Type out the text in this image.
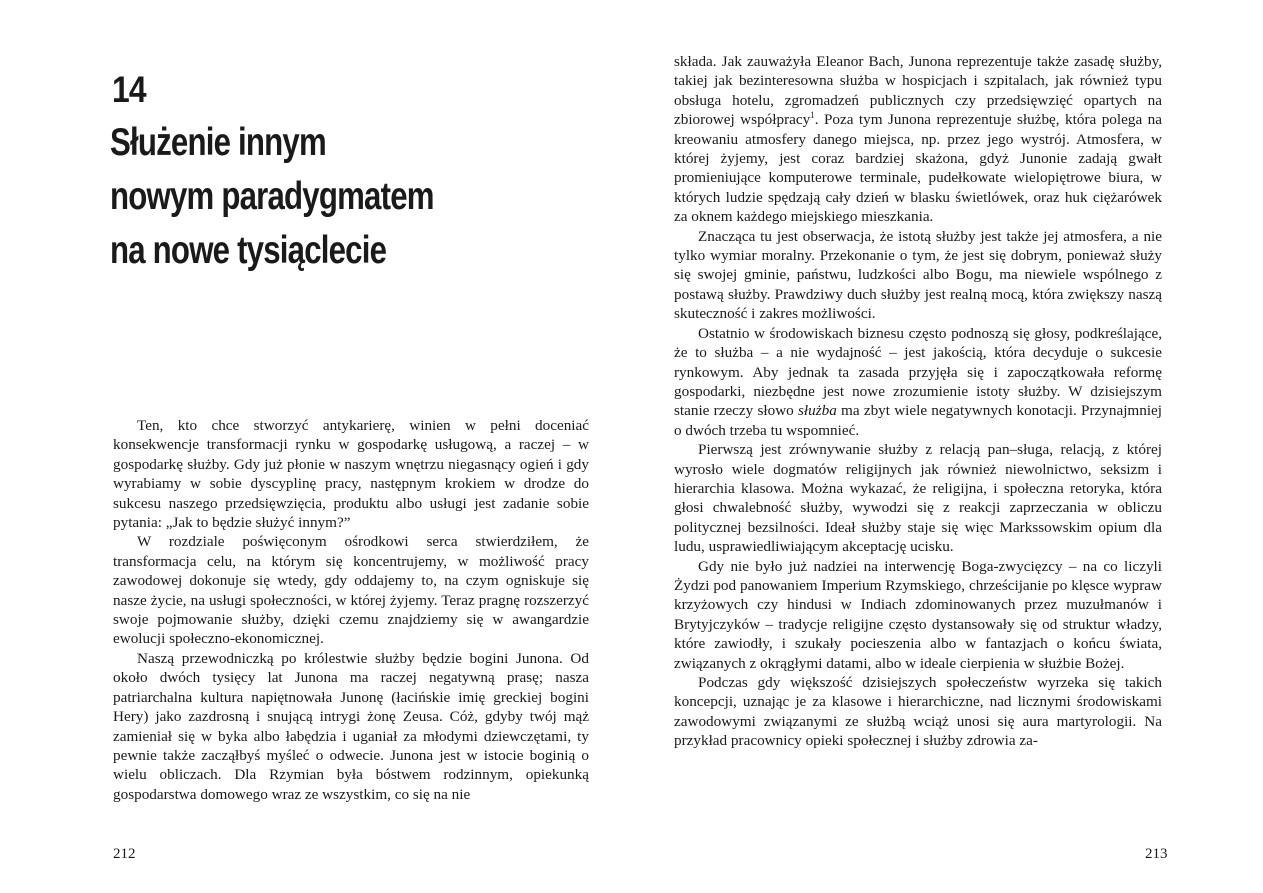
14
Służenie innym
nowym paradygmatem
na nowe tysiąclecie

Ten, kto chce stworzyć antykarierę, winien w pełni doceniać konsekwencje transformacji rynku w gospodarkę usługową, a raczej – w gospodarkę służby. Gdy już płonie w naszym wnętrzu niegasnący ogień i gdy wyrabiamy w sobie dyscyplinę pracy, następnym krokiem w drodze do sukcesu naszego przedsięwzięcia, produktu albo usługi jest zadanie sobie pytania: „Jak to będzie służyć innym?”

W rozdziale poświęconym ośrodkowi serca stwierdziłem, że transformacja celu, na którym się koncentrujemy, w możliwość pracy zawodowej dokonuje się wtedy, gdy oddajemy to, na czym ogniskuje się nasze życie, na usługi społeczności, w której żyjemy. Teraz pragnę rozszerzyć swoje pojmowanie służby, dzięki czemu znajdziemy się w awangardzie ewolucji społeczno-ekonomicznej.

Naszą przewodniczką po królestwie służby będzie bogini Junona. Od około dwóch tysięcy lat Junona ma raczej negatywną prasę; nasza patriarchalna kultura napiętnowała Junonę (łacińskie imię greckiej bogini Hery) jako zazdrosną i snującą intrygi żonę Zeusa. Cóż, gdyby twój mąż zamieniał się w byka albo łabędzia i uganiał za młodymi dziewczętami, ty pewnie także zacząłbyś myśleć o odwecie. Junona jest w istocie boginią o wielu obliczach. Dla Rzymian była bóstwem rodzinnym, opiekunką gospodarstwa domowego wraz ze wszystkim, co się na nie

212

składa. Jak zauważyła Eleanor Bach, Junona reprezentuje także zasadę służby, takiej jak bezinteresowna służba w hospicjach i szpitalach, jak również typu obsługa hotelu, zgromadzeń publicznych czy przedsięwzięć opartych na zbiorowej współpracy$^1$. Poza tym Junona reprezentuje służbę, która polega na kreowaniu atmosfery danego miejsca, np. przez jego wystrój. Atmosfera, w której żyjemy, jest coraz bardziej skażona, gdyż Junonie zadają gwałt promieniujące komputerowe terminale, pudełkowate wielopiętrowe biura, w których ludzie spędzają cały dzień w blasku świetlówek, oraz huk ciężarówek za oknem każdego miejskiego mieszkania.

Znacząca tu jest obserwacja, że istotą służby jest także jej atmosfera, a nie tylko wymiar moralny. Przekonanie o tym, że jest się dobrym, ponieważ służy się swojej gminie, państwu, ludzkości albo Bogu, ma niewiele wspólnego z postawą służby. Prawdziwy duch służby jest realną mocą, która zwiększy naszą skuteczność i zakres możliwości.

Ostatnio w środowiskach biznesu często podnoszą się głosy, podkreślające, że to służba – a nie wydajność – jest jakością, która decyduje o sukcesie rynkowym. Aby jednak ta zasada przyjęła się i zapoczątkowała reformę gospodarki, niezbędne jest nowe zrozumienie istoty służby. W dzisiejszym stanie rzeczy słowo służba ma zbyt wiele negatywnych konotacji. Przynajmniej o dwóch trzeba tu wspomnieć.

Pierwszą jest zrównywanie służby z relacją pan–sługa, relacją, z której wyrosło wiele dogmatów religijnych jak również niewolnictwo, seksizm i hierarchia klasowa. Można wykazać, że religijna, i społeczna retoryka, która głosi chwalebność służby, wywodzi się z reakcji zaprzeczania w obliczu politycznej bezsilności. Ideał służby staje się więc Markssowskim opium dla ludu, usprawiedliwiającym akceptację ucisku.

Gdy nie było już nadziei na interwencję Boga-zwycięzcy – na co liczyli Żydzi pod panowaniem Imperium Rzymskiego, chrześcijanie po klęsce wypraw krzyżowych czy hindusi w Indiach zdominowanych przez muzułmanów i Brytyjczyków – tradycje religijne często dystansowały się od struktur władzy, które zawiodły, i szukały pocieszenia albo w fantazjach o końcu świata, związanych z okrągłymi datami, albo w ideale cierpienia w służbie Bożej.

Podczas gdy większość dzisiejszych społeczeństw wyrzeka się takich koncepcji, uznając je za klasowe i hierarchiczne, nad licznymi środowiskami zawodowymi związanymi ze służbą wciąż unosi się aura martyrologii. Na przykład pracownicy opieki społecznej i służby zdrowia za-

213
